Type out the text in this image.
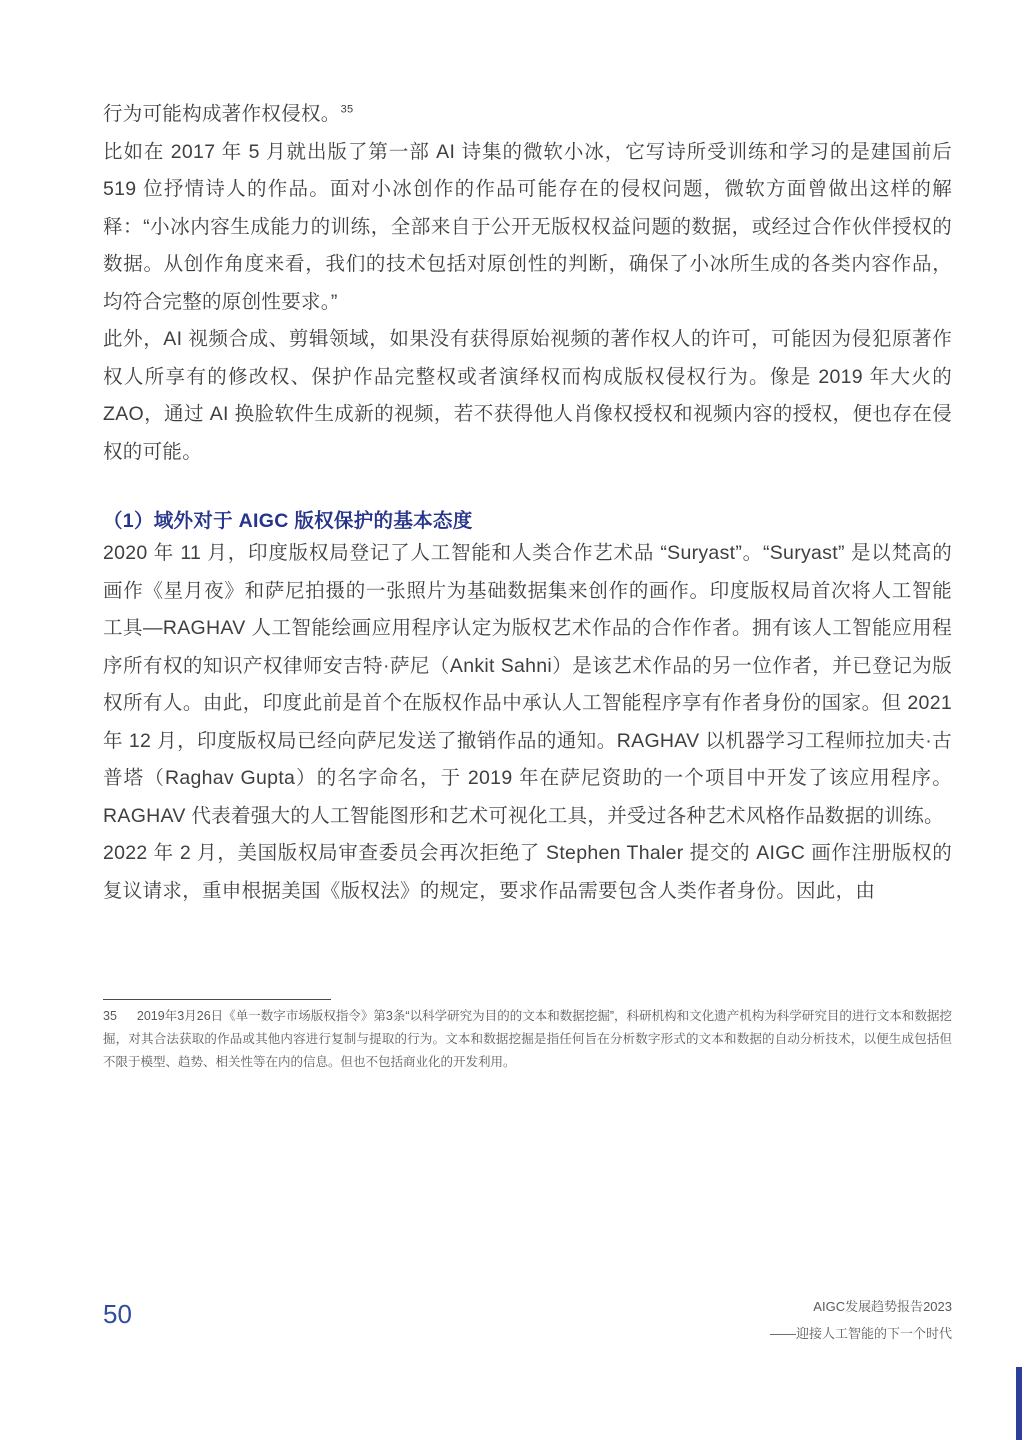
行为可能构成著作权侵权。$^{35}$

比如在 2017 年 5 月就出版了第一部 AI 诗集的微软小冰，它写诗所受训练和学习的是建国前后 519 位抒情诗人的作品。面对小冰创作的作品可能存在的侵权问题，微软方面曾做出这样的解释：“小冰内容生成能力的训练，全部来自于公开无版权权益问题的数据，或经过合作伙伴授权的数据。从创作角度来看，我们的技术包括对原创性的判断，确保了小冰所生成的各类内容作品，均符合完整的原创性要求。”

此外，AI 视频合成、剪辑领域，如果没有获得原始视频的著作权人的许可，可能因为侵犯原著作权人所享有的修改权、保护作品完整权或者演绎权而构成版权侵权行为。像是 2019 年大火的 ZAO，通过 AI 换脸软件生成新的视频，若不获得他人肖像权授权和视频内容的授权，便也存在侵权的可能。

（1）域外对于 AIGC 版权保护的基本态度

2020 年 11 月，印度版权局登记了人工智能和人类合作艺术品 “Suryast”。“Suryast” 是以梵高的画作《星月夜》和萨尼拍摄的一张照片为基础数据集来创作的画作。印度版权局首次将人工智能工具—RAGHAV 人工智能绘画应用程序认定为版权艺术作品的合作作者。拥有该人工智能应用程序所有权的知识产权律师安吉特·萨尼（Ankit Sahni）是该艺术作品的另一位作者，并已登记为版权所有人。由此，印度此前是首个在版权作品中承认人工智能程序享有作者身份的国家。但 2021 年 12 月，印度版权局已经向萨尼发送了撤销作品的通知。RAGHAV 以机器学习工程师拉加夫·古普塔（Raghav Gupta）的名字命名，于 2019 年在萨尼资助的一个项目中开发了该应用程序。RAGHAV 代表着强大的人工智能图形和艺术可视化工具，并受过各种艺术风格作品数据的训练。

2022 年 2 月，美国版权局审查委员会再次拒绝了 Stephen Thaler 提交的 AIGC 画作注册版权的复议请求，重申根据美国《版权法》的规定，要求作品需要包含人类作者身份。因此，由

35 2019年3月26日《单一数字市场版权指令》第3条“以科学研究为目的的文本和数据挖掘”，科研机构和文化遗产机构为科学研究目的进行文本和数据挖掘，对其合法获取的作品或其他内容进行复制与提取的行为。文本和数据挖掘是指任何旨在分析数字形式的文本和数据的自动分析技术，以便生成包括但不限于模型、趋势、相关性等在内的信息。但也不包括商业化的开发利用。

50	AIGC发展趋势报告2023
——迎接人工智能的下一个时代
